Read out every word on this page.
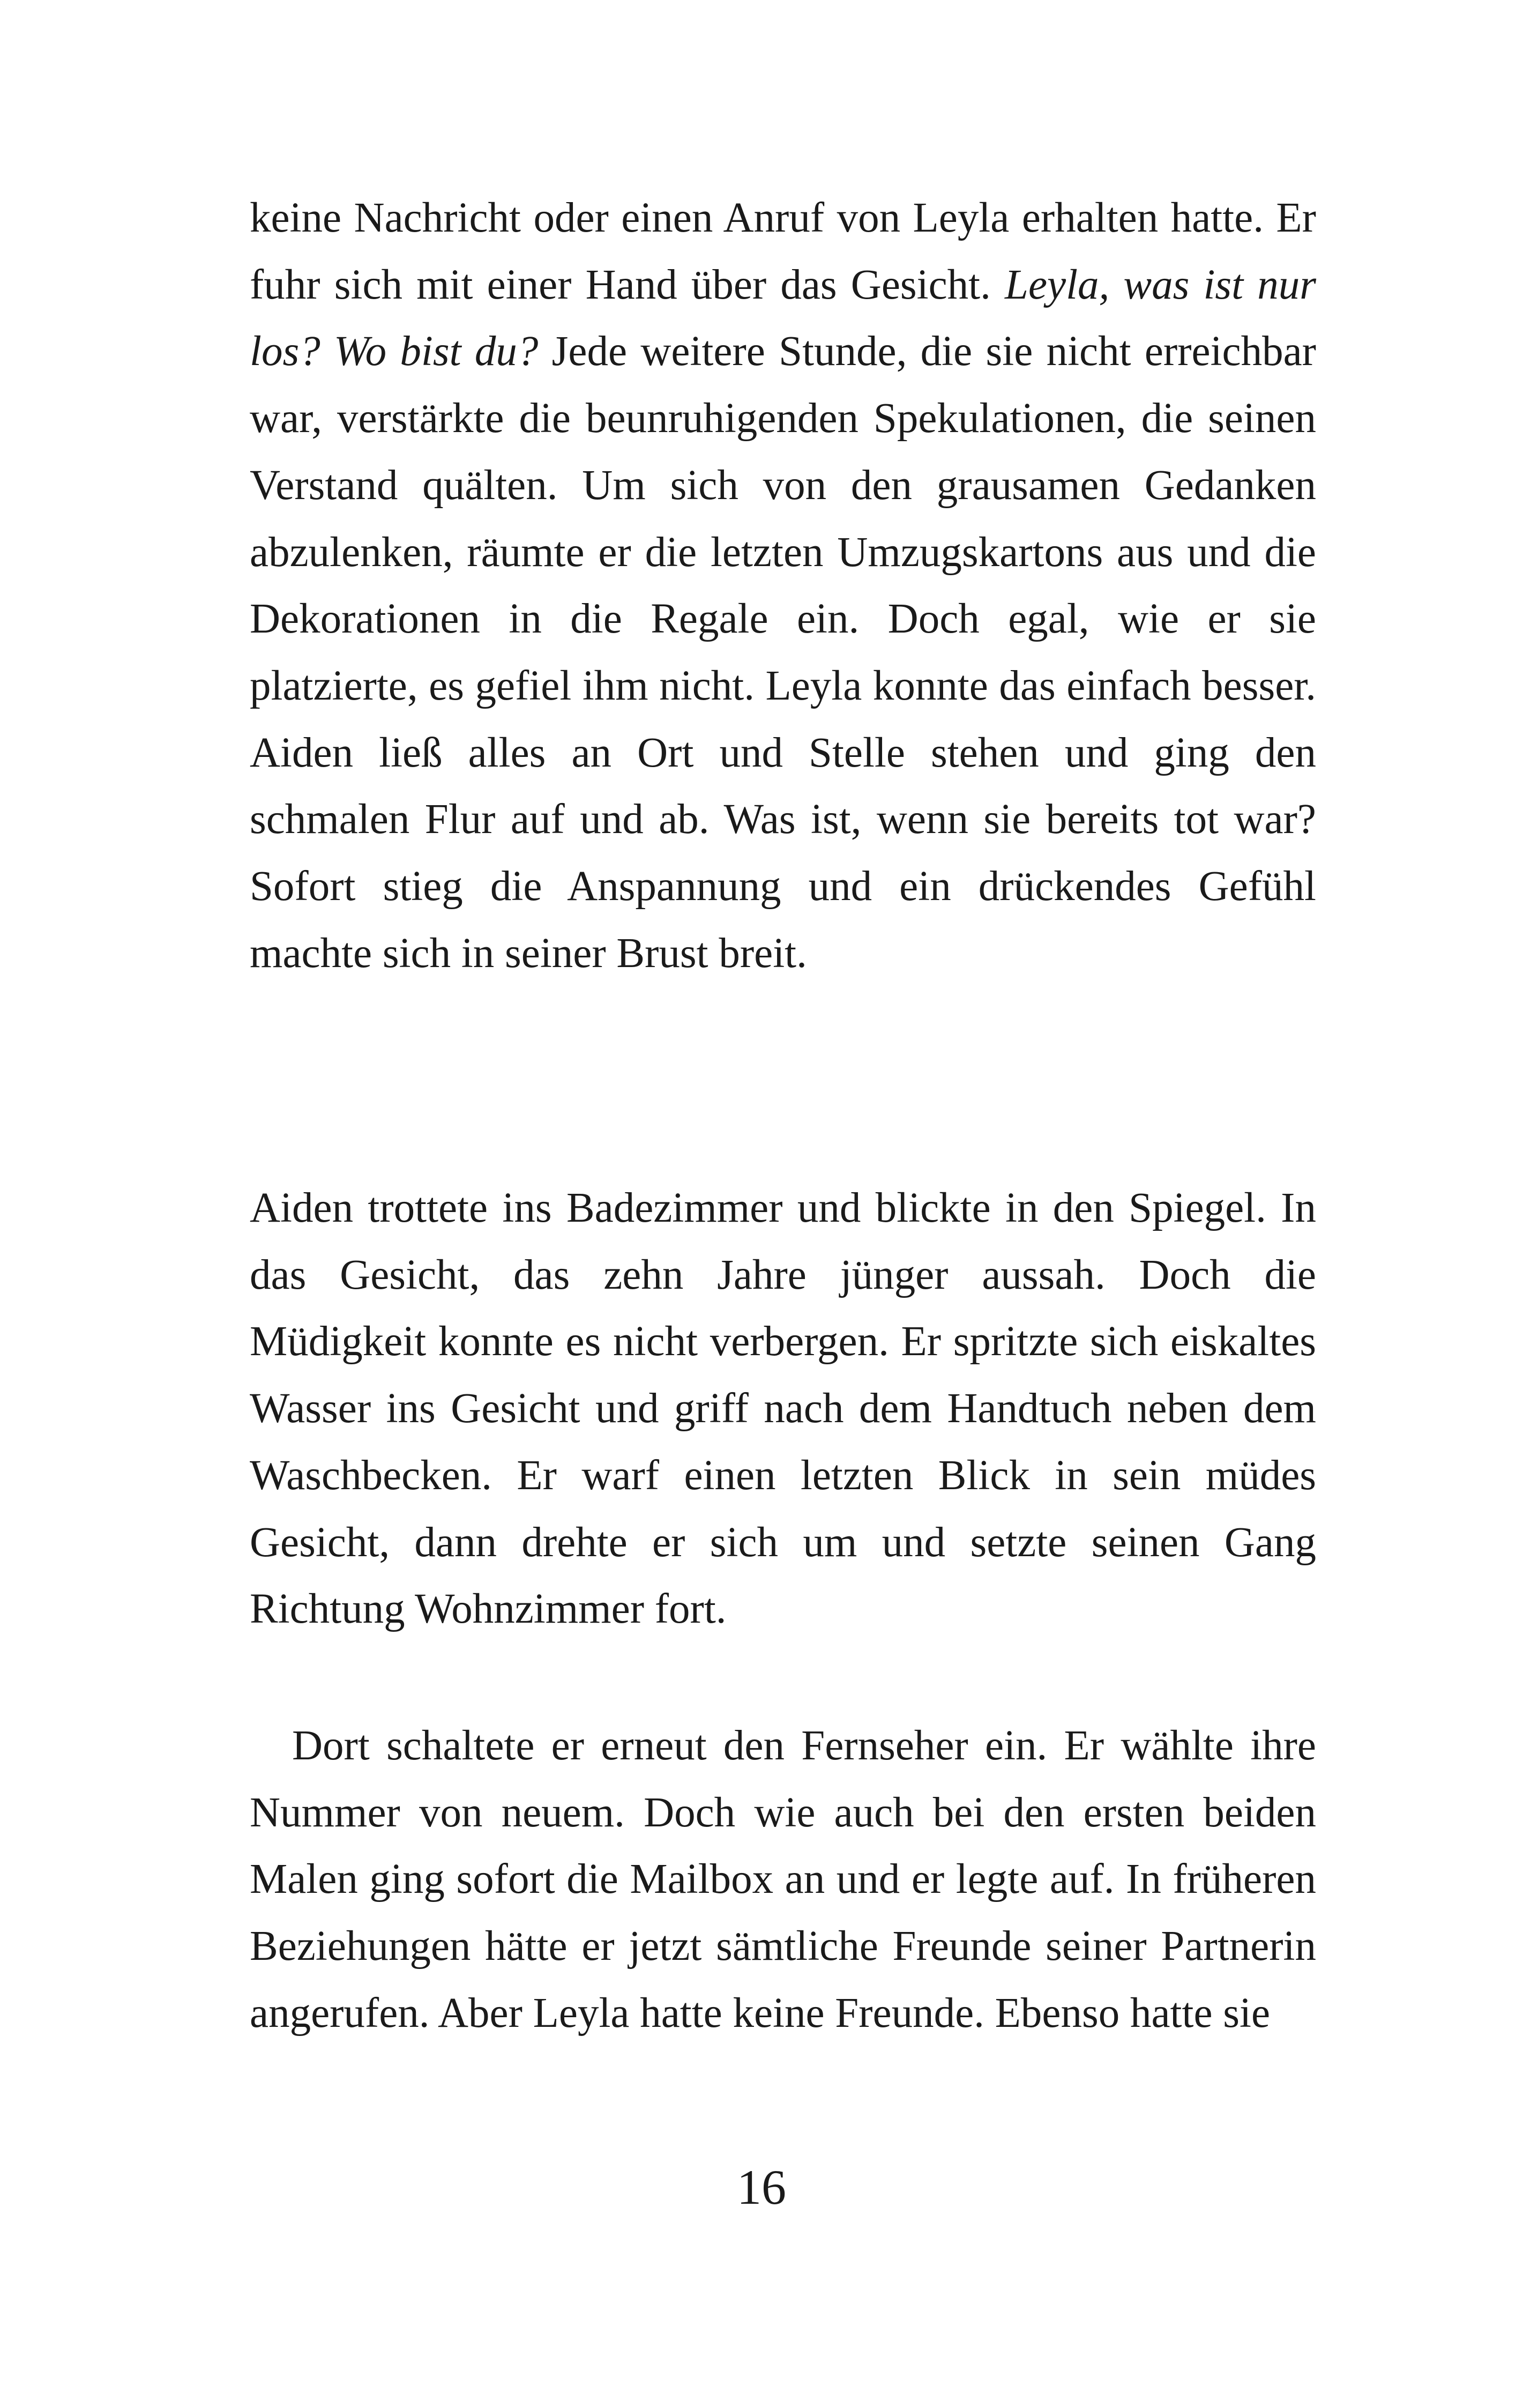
keine Nachricht oder einen Anruf von Leyla erhalten hatte. Er fuhr sich mit einer Hand über das Gesicht. Leyla, was ist nur los? Wo bist du? Jede weitere Stunde, die sie nicht erreichbar war, verstärkte die beunruhigenden Spekulationen, die seinen Verstand quälten. Um sich von den grausamen Gedanken abzulenken, räumte er die letzten Umzugskartons aus und die Dekorationen in die Regale ein. Doch egal, wie er sie platzierte, es gefiel ihm nicht. Leyla konnte das einfach besser. Aiden ließ alles an Ort und Stelle stehen und ging den schmalen Flur auf und ab. Was ist, wenn sie bereits tot war? Sofort stieg die Anspannung und ein drückendes Gefühl machte sich in seiner Brust breit.

Aiden trottete ins Badezimmer und blickte in den Spiegel. In das Gesicht, das zehn Jahre jünger aussah. Doch die Müdigkeit konnte es nicht verbergen. Er spritzte sich eiskaltes Wasser ins Gesicht und griff nach dem Handtuch neben dem Waschbecken. Er warf einen letzten Blick in sein müdes Gesicht, dann drehte er sich um und setzte seinen Gang Richtung Wohnzimmer fort.

Dort schaltete er erneut den Fernseher ein. Er wählte ihre Nummer von neuem. Doch wie auch bei den ersten beiden Malen ging sofort die Mailbox an und er legte auf. In früheren Beziehungen hätte er jetzt sämtliche Freunde seiner Partnerin angerufen. Aber Leyla hatte keine Freunde. Ebenso hatte sie

16
